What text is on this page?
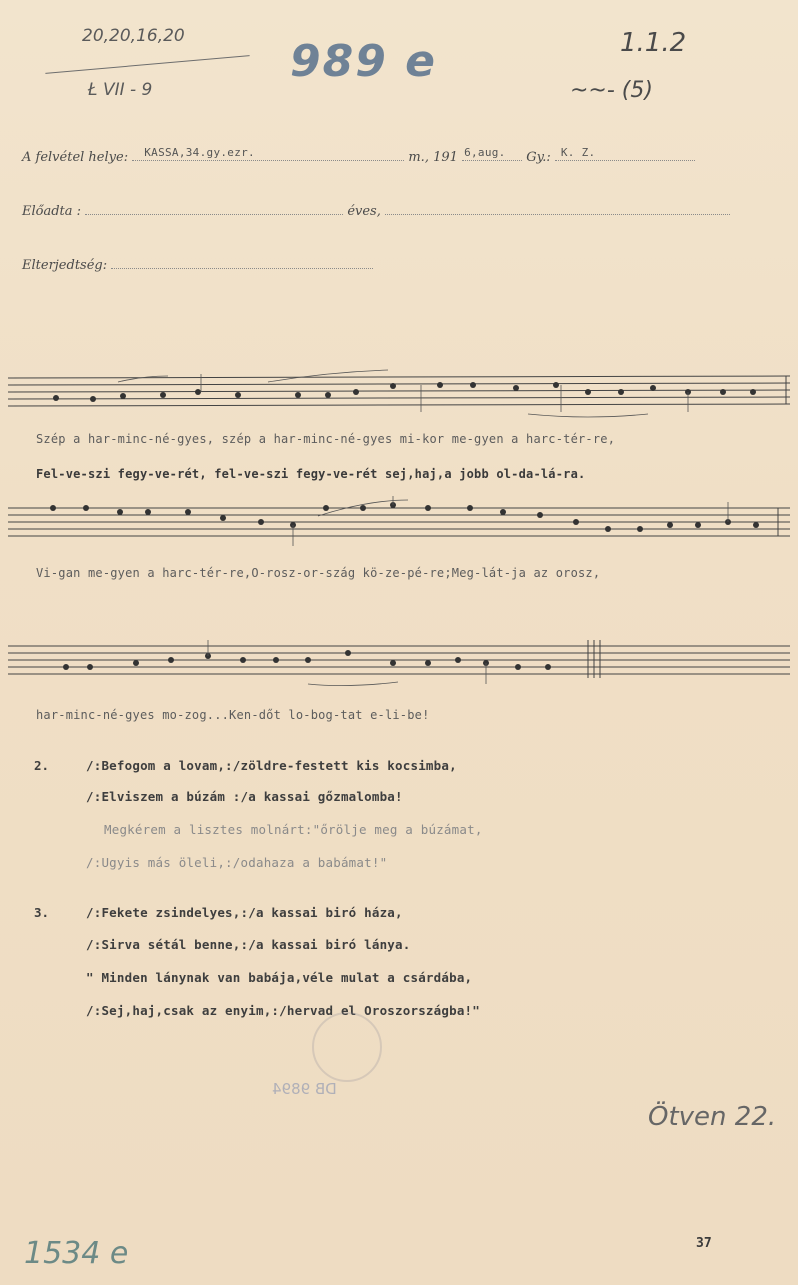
20,20,16,20
Ł VII - 9
989 e	1.1.2
~~- (5)
A felvétel helye: KASSA,34.gy.ezr.	m., 191 6,aug. Gy.: K. Z.
Előadta :	éves,
Elterjedtség:
Szép a har-minc-né-gyes, szép a har-minc-né-gyes mi-kor me-gyen a harc-tér-re,
Fel-ve-szi fegy-ve-rét, fel-ve-szi fegy-ve-rét sej,haj,a jobb ol-da-lá-ra.
Vi-gan me-gyen a harc-tér-re,O-rosz-or-szág kö-ze-pé-re;Meg-lát-ja az orosz,
har-minc-né-gyes mo-zog...Ken-dőt lo-bog-tat e-li-be!
2.	/:Befogom a lovam,:/zöldre-festett kis kocsimba,
/:Elviszem a búzám :/a kassai gőzmalomba!
Megkérem a lisztes molnárt:"őrölje meg a búzámat,
/:Ugyis más öleli,:/odahaza a babámat!"
3.	/:Fekete zsindelyes,:/a kassai biró háza,
/:Sirva sétál benne,:/a kassai biró lánya.
" Minden lánynak van babája,véle mulat a csárdába,
/:Sej,haj,csak az enyim,:/hervad el Oroszországba!"
DB 9894
Ötven 22.
1534 e	37
